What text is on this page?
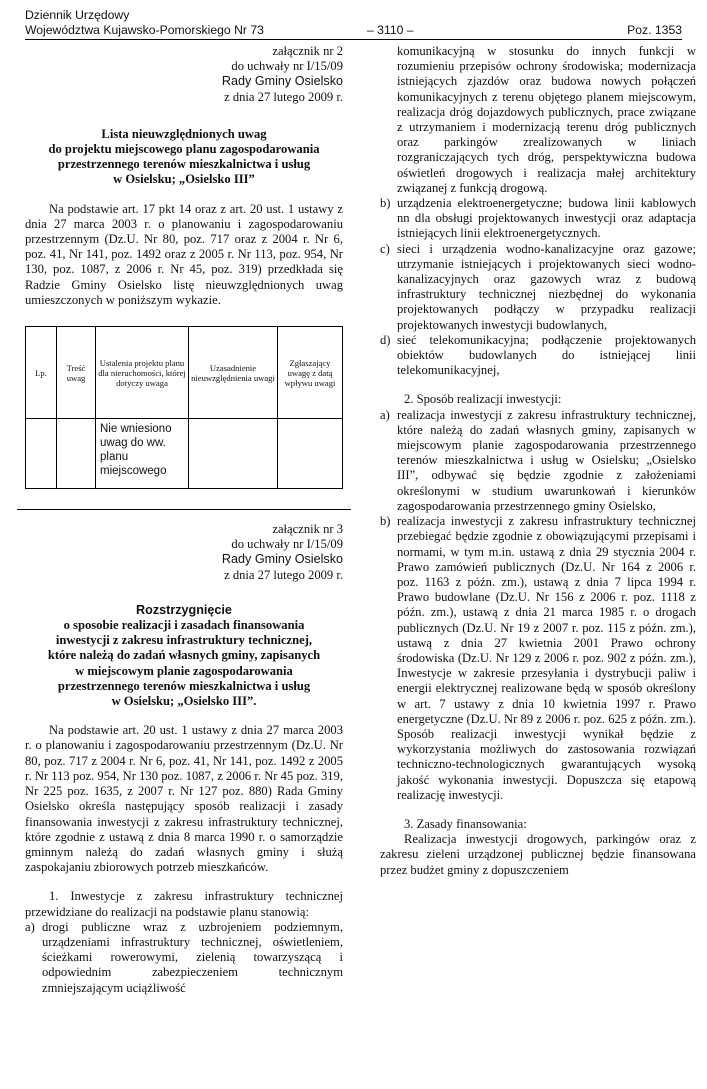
Dziennik Urzędowy
Województwa Kujawsko-Pomorskiego Nr 73	Poz. 1353
– 3110 –

załącznik nr 2

do uchwały nr I/15/09

Rady Gminy Osielsko

z dnia 27 lutego 2009 r.

Lista nieuwzględnionych uwag

do projektu miejscowego planu zagospodarowania

przestrzennego terenów mieszkalnictwa i usług

w Osielsku; „Osielsko III”

Na podstawie art. 17 pkt 14 oraz z art. 20 ust. 1 ustawy z dnia 27 marca 2003 r. o planowaniu i zagospodarowaniu przestrzennym (Dz.U. Nr 80, poz. 717 oraz z 2004 r. Nr 6, poz. 41, Nr 141, poz. 1492 oraz z 2005 r. Nr 113, poz. 954, Nr 130, poz. 1087, z 2006 r. Nr 45, poz. 319) przedkłada się Radzie Gminy Osielsko listę nieuwzględnionych uwag umieszczonych w poniższym wykazie.

Lp.	Treść uwag	Ustalenia projektu planu dla nieruchomości, której dotyczy uwaga	Uzasadnienie nieuwzględnienia uwagi	Zgłaszający uwagę z datą wpływu uwagi
		Nie wniesiono uwag do ww. planu miejscowego		

załącznik nr 3

do uchwały nr I/15/09

Rady Gminy Osielsko

z dnia 27 lutego 2009 r.

Rozstrzygnięcie

o sposobie realizacji i zasadach finansowania

inwestycji z zakresu infrastruktury technicznej,

które należą do zadań własnych gminy, zapisanych

w miejscowym planie zagospodarowania

przestrzennego terenów mieszkalnictwa i usług

w Osielsku; „Osielsko III”.

Na podstawie art. 20 ust. 1 ustawy z dnia 27 marca 2003 r. o planowaniu i zagospodarowaniu przestrzennym (Dz.U. Nr 80, poz. 717 z 2004 r. Nr 6, poz. 41, Nr 141, poz. 1492 z 2005 r. Nr 113 poz. 954, Nr 130 poz. 1087, z 2006 r. Nr 45 poz. 319, Nr 225 poz. 1635, z 2007 r. Nr 127 poz. 880) Rada Gminy Osielsko określa następujący sposób realizacji i zasady finansowania inwestycji z zakresu infrastruktury technicznej, które zgodnie z ustawą z dnia 8 marca 1990 r. o samorządzie gminnym należą do zadań własnych gminy i służą zaspokajaniu zbiorowych potrzeb mieszkańców.

1. Inwestycje z zakresu infrastruktury technicznej przewidziane do realizacji na podstawie planu stanowią:

a) drogi publiczne wraz z uzbrojeniem podziemnym, urządzeniami infrastruktury technicznej, oświetleniem, ścieżkami rowerowymi, zielenią towarzyszącą i odpowiednim zabezpieczeniem technicznym zmniejszającym uciążliwość
komunikacyjną w stosunku do innych funkcji w rozumieniu przepisów ochrony środowiska; modernizacja istniejących zjazdów oraz budowa nowych połączeń komunikacyjnych z terenu objętego planem miejscowym, realizacja dróg dojazdowych publicznych, prace związane z utrzymaniem i modernizacją terenu dróg publicznych oraz parkingów zrealizowanych w liniach rozgraniczających tych dróg, perspektywiczna budowa oświetleń drogowych i realizacja małej architektury związanej z funkcją drogową.
b) urządzenia elektroenergetyczne; budowa linii kablowych nn dla obsługi projektowanych inwestycji oraz adaptacja istniejących linii elektroenergetycznych.
c) sieci i urządzenia wodno-kanalizacyjne oraz gazowe; utrzymanie istniejących i projektowanych sieci wodno-kanalizacyjnych oraz gazowych wraz z budową infrastruktury technicznej niezbędnej do wykonania projektowanych podłączy w przypadku realizacji projektowanych inwestycji budowlanych,
d) sieć telekomunikacyjna; podłączenie projektowanych obiektów budowlanych do istniejącej linii telekomunikacyjnej,

2. Sposób realizacji inwestycji:

a) realizacja inwestycji z zakresu infrastruktury technicznej, które należą do zadań własnych gminy, zapisanych w miejscowym planie zagospodarowania przestrzennego terenów mieszkalnictwa i usług w Osielsku; „Osielsko III”, odbywać się będzie zgodnie z założeniami określonymi w studium uwarunkowań i kierunków zagospodarowania przestrzennego gminy Osielsko,
b) realizacja inwestycji z zakresu infrastruktury technicznej przebiegać będzie zgodnie z obowiązującymi przepisami i normami, w tym m.in. ustawą z dnia 29 stycznia 2004 r. Prawo zamówień publicznych (Dz.U. Nr 164 z 2006 r. poz. 1163 z późn. zm.), ustawą z dnia 7 lipca 1994 r. Prawo budowlane (Dz.U. Nr 156 z 2006 r. poz. 1118 z późn. zm.), ustawą z dnia 21 marca 1985 r. o drogach publicznych (Dz.U. Nr 19 z 2007 r. poz. 115 z późn. zm.), ustawą z dnia 27 kwietnia 2001 Prawo ochrony środowiska (Dz.U. Nr 129 z 2006 r. poz. 902 z późn. zm.), Inwestycje w zakresie przesyłania i dystrybucji paliw i energii elektrycznej realizowane będą w sposób określony w art. 7 ustawy z dnia 10 kwietnia 1997 r. Prawo energetyczne (Dz.U. Nr 89 z 2006 r. poz. 625 z późn. zm.). Sposób realizacji inwestycji wynikał będzie z wykorzystania możliwych do zastosowania rozwiązań techniczno-technologicznych gwarantujących wysoką jakość wykonania inwestycji. Dopuszcza się etapową realizację inwestycji.

3. Zasady finansowania:

Realizacja inwestycji drogowych, parkingów oraz z zakresu zieleni urządzonej publicznej będzie finansowana przez budżet gminy z dopuszczeniem
